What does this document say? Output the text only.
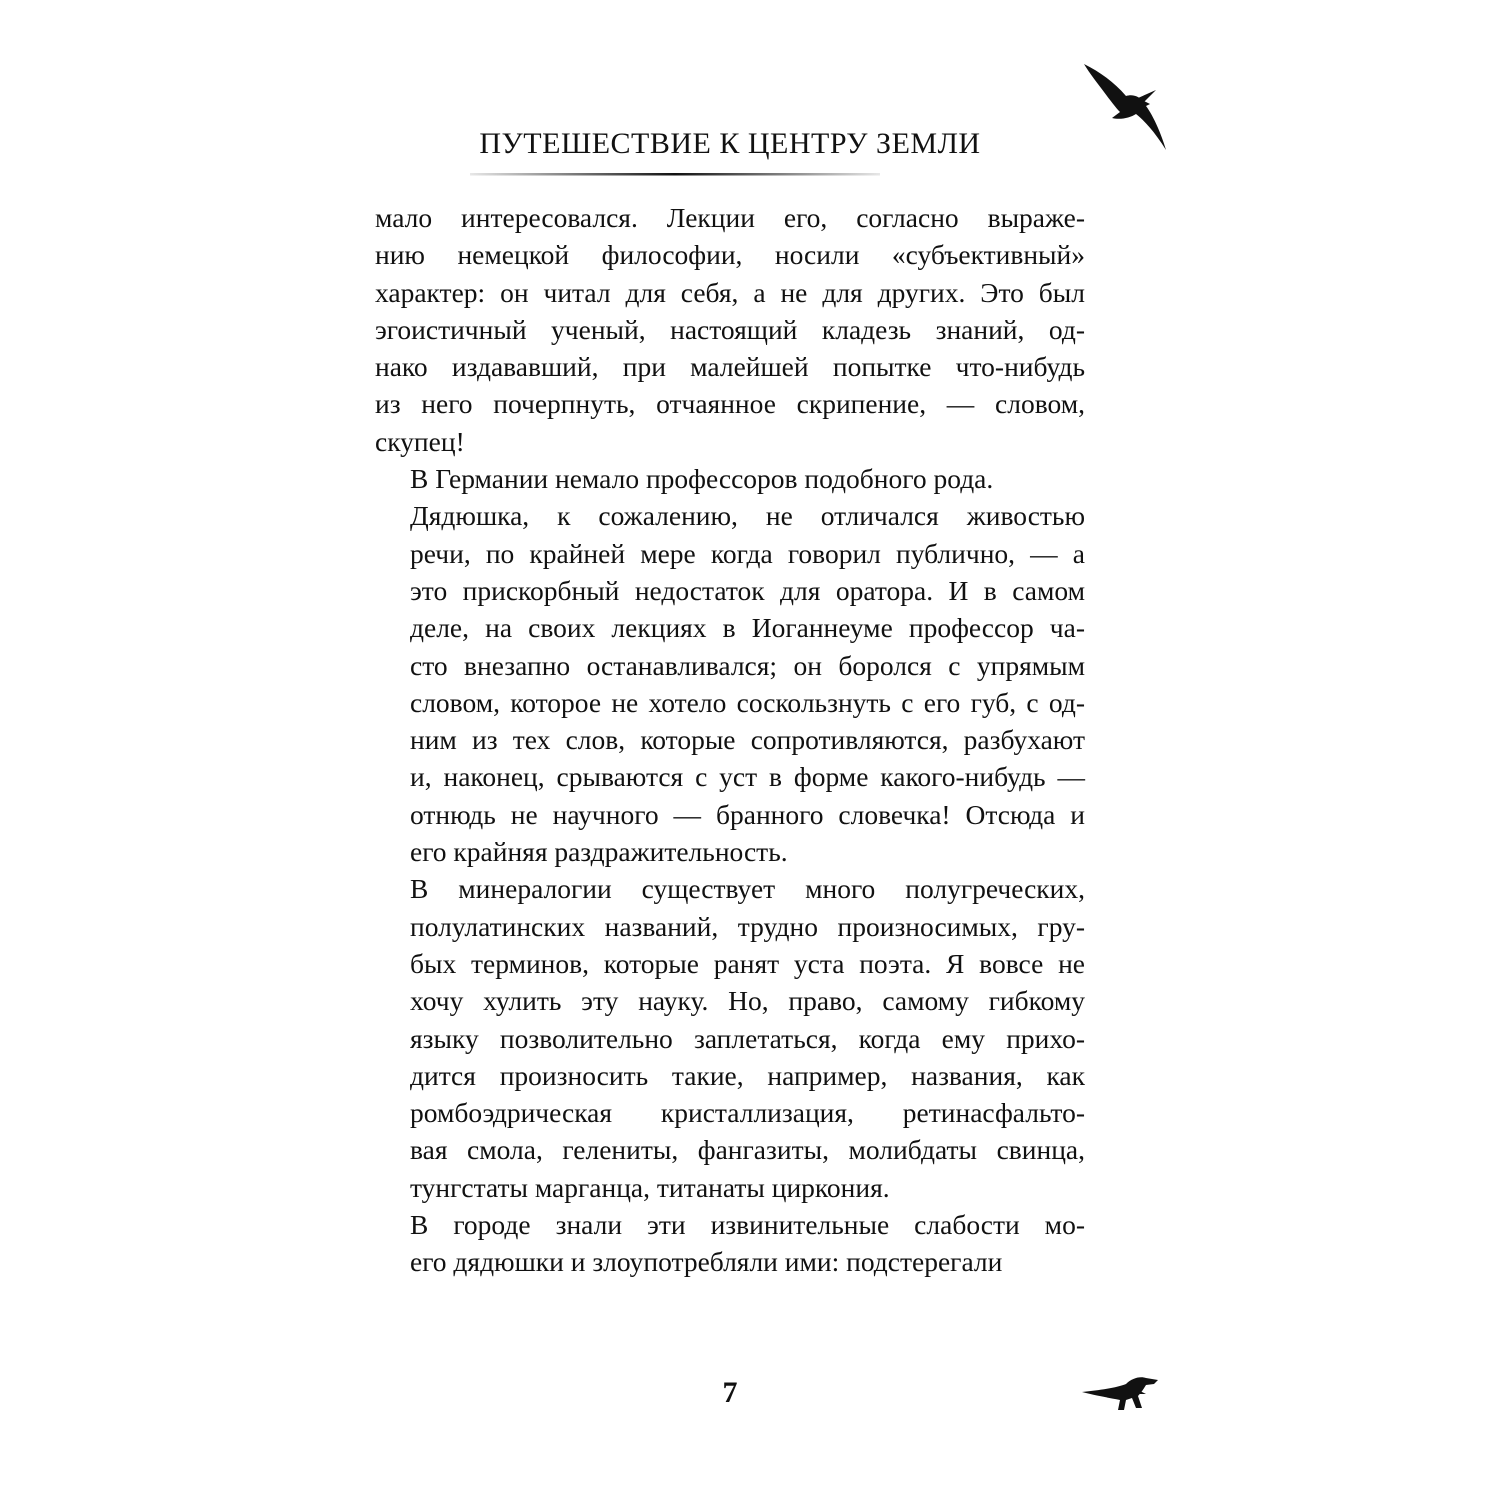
ПУТЕШЕСТВИЕ К ЦЕНТРУ ЗЕМЛИ

мало интересовался. Лекции его, согласно выраже-
нию немецкой философии, носили «субъективный»
характер: он читал для себя, а не для других. Это был
эгоистичный ученый, настоящий кладезь знаний, од-
нако издававший, при малейшей попытке что-нибудь
из него почерпнуть, отчаянное скрипение, — словом,
скупец!

В Германии немало профессоров подобного рода.

Дядюшка, к сожалению, не отличался живостью
речи, по крайней мере когда говорил публично, — а
это прискорбный недостаток для оратора. И в самом
деле, на своих лекциях в Иоганнеуме профессор ча-
сто внезапно останавливался; он боролся с упрямым
словом, которое не хотело соскользнуть с его губ, с од-
ним из тех слов, которые сопротивляются, разбухают
и, наконец, срываются с уст в форме какого-нибудь —
отнюдь не научного — бранного словечка! Отсюда и
его крайняя раздражительность.

В минералогии существует много полугреческих,
полулатинских названий, трудно произносимых, гру-
бых терминов, которые ранят уста поэта. Я вовсе не
хочу хулить эту науку. Но, право, самому гибкому
языку позволительно заплетаться, когда ему прихо-
дится произносить такие, например, названия, как
ромбоэдрическая кристаллизация, ретинасфальто-
вая смола, гелениты, фангазиты, молибдаты свинца,
тунгстаты марганца, титанаты циркония.

В городе знали эти извинительные слабости мо-
его дядюшки и злоупотребляли ими: подстерегали

7
